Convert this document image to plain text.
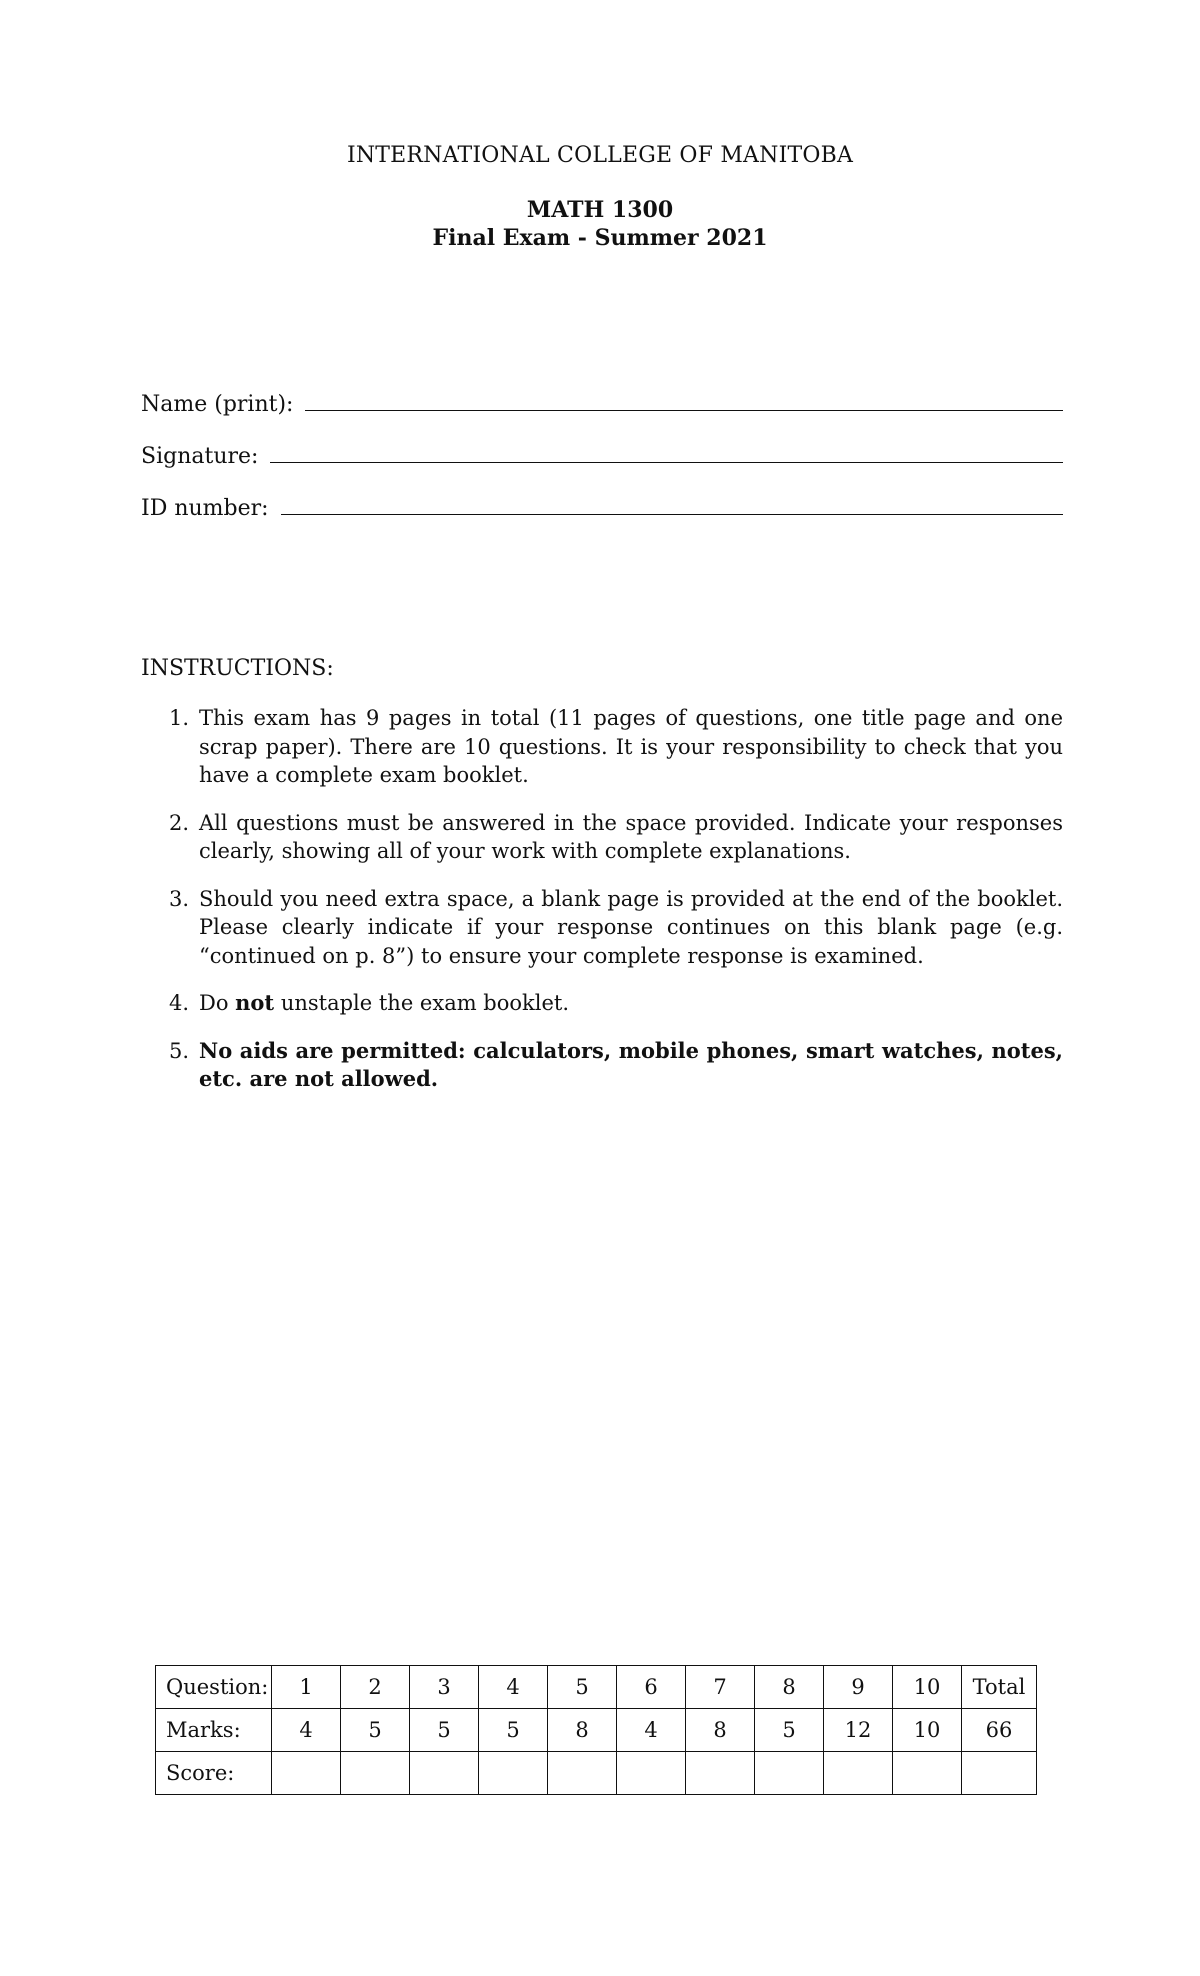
INTERNATIONAL COLLEGE OF MANITOBA
MATH 1300
Final Exam - Summer 2021
Name (print):
Signature:
ID number:
INSTRUCTIONS:
1. This exam has 9 pages in total (11 pages of questions, one title page and one scrap paper). There are 10 questions. It is your responsibility to check that you have a complete exam booklet.
2. All questions must be answered in the space provided. Indicate your responses clearly, showing all of your work with complete explanations.
3. Should you need extra space, a blank page is provided at the end of the booklet. Please clearly indicate if your response continues on this blank page (e.g. “continued on p. 8”) to ensure your complete response is examined.
4. Do not unstaple the exam booklet.
5. No aids are permitted: calculators, mobile phones, smart watches, notes, etc. are not allowed.
Question:	1	2	3	4	5	6	7	8	9	10	Total
Marks:	4	5	5	5	8	4	8	5	12	10	66
Score:											
